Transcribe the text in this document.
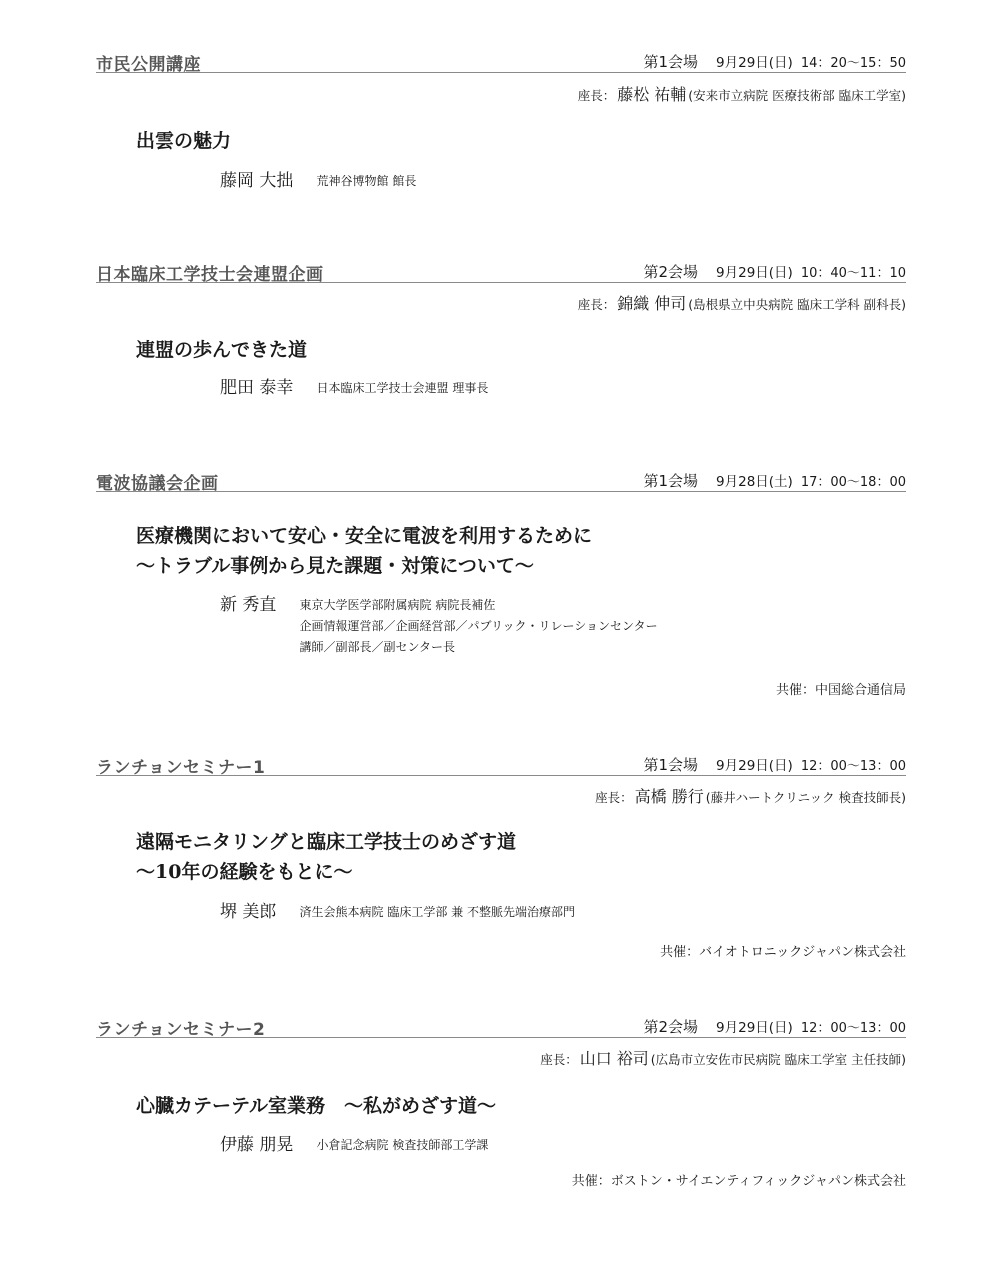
市民公開講座	第1会場 9月29日(日) 14：20～15：50
座長： 藤松 祐輔 (安来市立病院 医療技術部 臨床工学室)
出雲の魅力
藤岡 大拙 荒神谷博物館 館長
日本臨床工学技士会連盟企画	第2会場 9月29日(日) 10：40～11：10
座長： 錦織 伸司 (島根県立中央病院 臨床工学科 副科長)
連盟の歩んできた道
肥田 泰幸 日本臨床工学技士会連盟 理事長
電波協議会企画	第1会場 9月28日(土) 17：00～18：00
医療機関において安心・安全に電波を利用するために
～トラブル事例から見た課題・対策について～
新 秀直 東京大学医学部附属病院 病院長補佐
企画情報運営部／企画経営部／パブリック・リレーションセンター
講師／副部長／副センター長
共催：中国総合通信局
ランチョンセミナー1	第1会場 9月29日(日) 12：00～13：00
座長： 高橋 勝行 (藤井ハートクリニック 検査技師長)
遠隔モニタリングと臨床工学技士のめざす道
～10年の経験をもとに～
堺 美郎 済生会熊本病院 臨床工学部 兼 不整脈先端治療部門
共催：バイオトロニックジャパン株式会社
ランチョンセミナー2	第2会場 9月29日(日) 12：00～13：00
座長： 山口 裕司 (広島市立安佐市民病院 臨床工学室 主任技師)
心臓カテーテル室業務　～私がめざす道～
伊藤 朋晃 小倉記念病院 検査技師部工学課
共催：ボストン・サイエンティフィックジャパン株式会社
